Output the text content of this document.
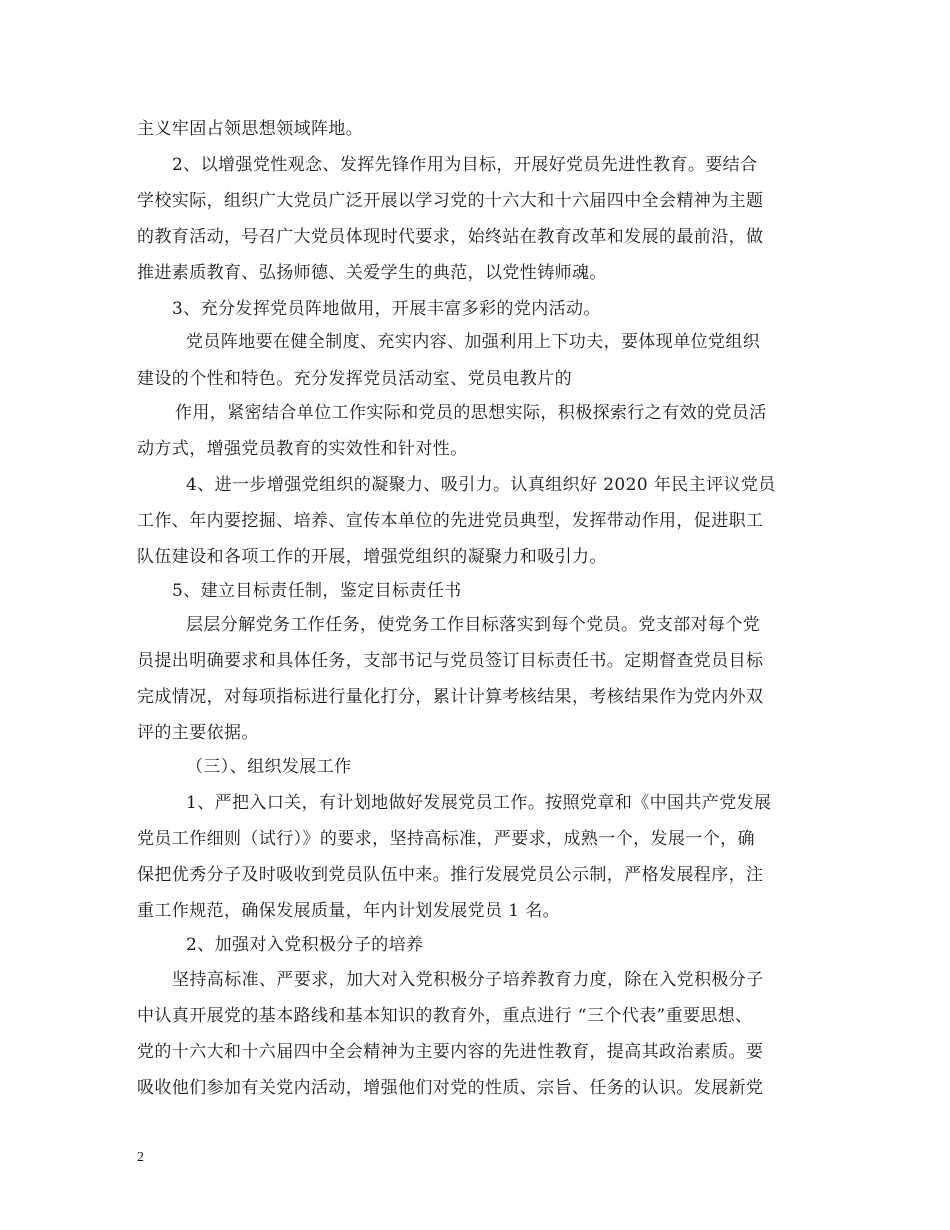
主义牢固占领思想领域阵地。
2、以增强党性观念、发挥先锋作用为目标，开展好党员先进性教育。要结合
学校实际，组织广大党员广泛开展以学习党的十六大和十六届四中全会精神为主题
的教育活动，号召广大党员体现时代要求，始终站在教育改革和发展的最前沿，做
推进素质教育、弘扬师德、关爱学生的典范，以党性铸师魂。
3、充分发挥党员阵地做用，开展丰富多彩的党内活动。
党员阵地要在健全制度、充实内容、加强利用上下功夫，要体现单位党组织
建设的个性和特色。充分发挥党员活动室、党员电教片的
作用，紧密结合单位工作实际和党员的思想实际，积极探索行之有效的党员活
动方式，增强党员教育的实效性和针对性。
4、进一步增强党组织的凝聚力、吸引力。认真组织好 2020 年民主评议党员
工作、年内要挖掘、培养、宣传本单位的先进党员典型，发挥带动作用，促进职工
队伍建设和各项工作的开展，增强党组织的凝聚力和吸引力。
5、建立目标责任制，鉴定目标责任书
层层分解党务工作任务，使党务工作目标落实到每个党员。党支部对每个党
员提出明确要求和具体任务，支部书记与党员签订目标责任书。定期督查党员目标
完成情况，对每项指标进行量化打分，累计计算考核结果，考核结果作为党内外双
评的主要依据。
（三）、组织发展工作
1、严把入口关，有计划地做好发展党员工作。按照党章和《中国共产党发展
党员工作细则（试行）》的要求，坚持高标准，严要求，成熟一个，发展一个，确
保把优秀分子及时吸收到党员队伍中来。推行发展党员公示制，严格发展程序，注
重工作规范，确保发展质量，年内计划发展党员 1 名。
2、加强对入党积极分子的培养
坚持高标准、严要求，加大对入党积极分子培养教育力度，除在入党积极分子
中认真开展党的基本路线和基本知识的教育外，重点进行 “三个代表”重要思想、
党的十六大和十六届四中全会精神为主要内容的先进性教育，提高其政治素质。要
吸收他们参加有关党内活动，增强他们对党的性质、宗旨、任务的认识。发展新党
2
